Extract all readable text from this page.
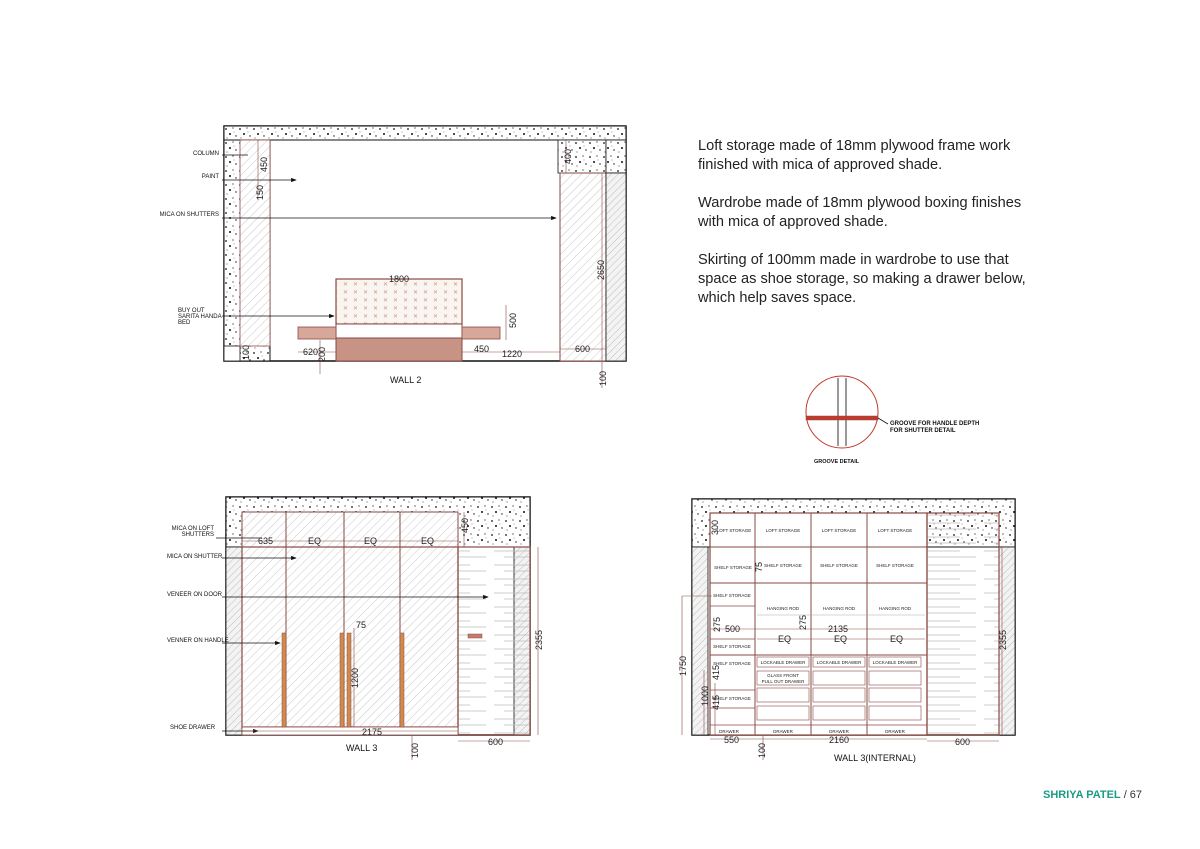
COLUMN
PAINT
MICA ON SHUTTERS
BUY OUT
SARITA HANDA
BED
1800
620	450 1220	600
100
100
150
2650
400
200
500
450
WALL 2
MICA ON LOFT
SHUTTERS
MICA ON SHUTTER
VENEER ON DOOR
VENNER ON HANDLE
SHOE DRAWER
635	EQ	EQ	EQ
450
75
1200
2175
100
600
2355
WALL 3
GROOVE FOR HANDLE DEPTH
FOR SHUTTER DETAIL
GROOVE DETAIL
LOFT STORAGE	LOFT STORAGE	LOFT STORAGE	LOFT STORAGE
SHELF STORAGE	SHELF STORAGE	SHELF STORAGE	SHELF STORAGE
SHELF STORAGE
SHELF STORAGE
SHELF STORAGE
SHELF STORAGE
HANGING ROD	HANGING ROD	HANGING ROD
LOCKABLE DRAWER LOCKABLE DRAWER LOCKABLE DRAWER
GLASS FRONT
PULL OUT DRAWER
DRAWER	DRAWER	DRAWER	DRAWER
2135
500
275	275
EQ	EQ	EQ
1750
1000 415
415
550	2160	600
100
2355
300
75
WALL 3(INTERNAL)

Loft storage made of 18mm plywood frame work finished with mica of approved shade.

Wardrobe made of 18mm plywood boxing finishes with mica of approved shade.

Skirting of 100mm made in wardrobe to use that space as shoe storage, so making a drawer below, which help saves space.

SHRIYA PATEL / 67
